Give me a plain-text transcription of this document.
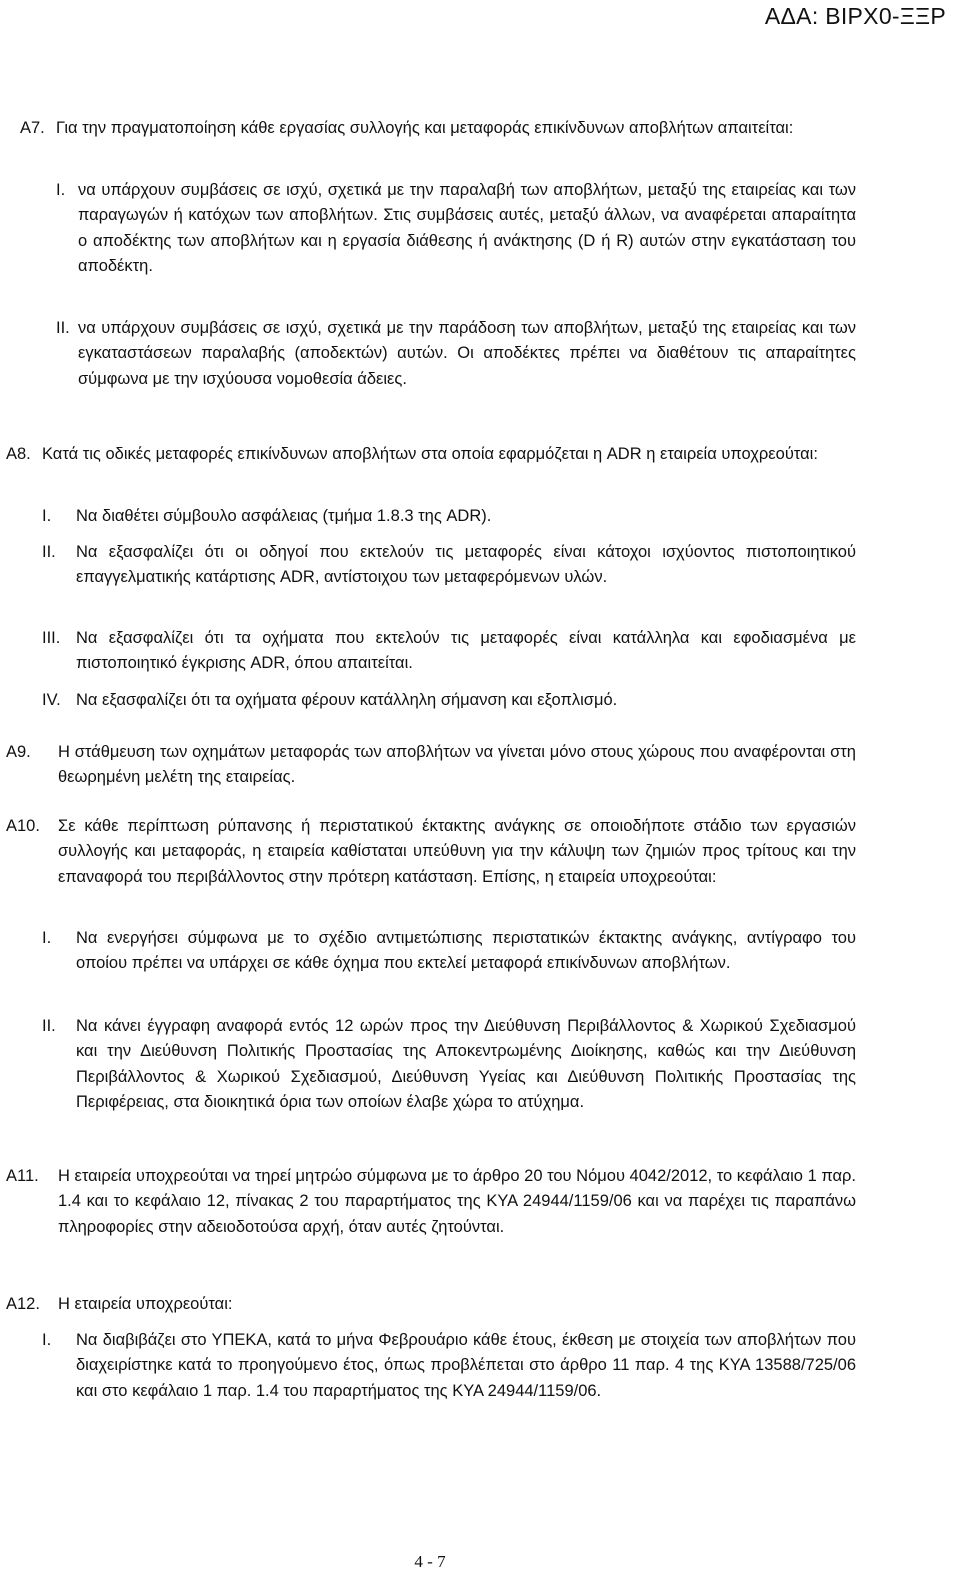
ΑΔΑ: ΒΙΡΧ0-ΞΞΡ
Α7. Για την πραγματοποίηση κάθε εργασίας συλλογής και μεταφοράς επικίνδυνων αποβλήτων απαιτείται:

I. να υπάρχουν συμβάσεις σε ισχύ, σχετικά με την παραλαβή των αποβλήτων, μεταξύ της εταιρείας και των παραγωγών ή κατόχων των αποβλήτων. Στις συμβάσεις αυτές, μεταξύ άλλων, να αναφέρεται απαραίτητα ο αποδέκτης των αποβλήτων και η εργασία διάθεσης ή ανάκτησης (D ή R) αυτών στην εγκατάσταση του αποδέκτη.

II. να υπάρχουν συμβάσεις σε ισχύ, σχετικά με την παράδοση των αποβλήτων, μεταξύ της εταιρείας και των εγκαταστάσεων παραλαβής (αποδεκτών) αυτών. Οι αποδέκτες πρέπει να διαθέτουν τις απαραίτητες σύμφωνα με την ισχύουσα νομοθεσία άδειες.

Α8. Κατά τις οδικές μεταφορές επικίνδυνων αποβλήτων στα οποία εφαρμόζεται η ADR η εταιρεία υποχρεούται:

I. Να διαθέτει σύμβουλο ασφάλειας (τμήμα 1.8.3 της ADR).

II. Να εξασφαλίζει ότι οι οδηγοί που εκτελούν τις μεταφορές είναι κάτοχοι ισχύοντος πιστοποιητικού επαγγελματικής κατάρτισης ADR, αντίστοιχου των μεταφερόμενων υλών.

III. Να εξασφαλίζει ότι τα οχήματα που εκτελούν τις μεταφορές είναι κατάλληλα και εφοδιασμένα με πιστοποιητικό έγκρισης ADR, όπου απαιτείται.

IV. Να εξασφαλίζει ότι τα οχήματα φέρουν κατάλληλη σήμανση και εξοπλισμό.

Α9. Η στάθμευση των οχημάτων μεταφοράς των αποβλήτων να γίνεται μόνο στους χώρους που αναφέρονται στη θεωρημένη μελέτη της εταιρείας.

Α10. Σε κάθε περίπτωση ρύπανσης ή περιστατικού έκτακτης ανάγκης σε οποιοδήποτε στάδιο των εργασιών συλλογής και μεταφοράς, η εταιρεία καθίσταται υπεύθυνη για την κάλυψη των ζημιών προς τρίτους και την επαναφορά του περιβάλλοντος στην πρότερη κατάσταση. Επίσης, η εταιρεία υποχρεούται:

I. Να ενεργήσει σύμφωνα με το σχέδιο αντιμετώπισης περιστατικών έκτακτης ανάγκης, αντίγραφο του οποίου πρέπει να υπάρχει σε κάθε όχημα που εκτελεί μεταφορά επικίνδυνων αποβλήτων.

II. Να κάνει έγγραφη αναφορά εντός 12 ωρών προς την Διεύθυνση Περιβάλλοντος & Χωρικού Σχεδιασμού και την Διεύθυνση Πολιτικής Προστασίας της Αποκεντρωμένης Διοίκησης, καθώς και την Διεύθυνση Περιβάλλοντος & Χωρικού Σχεδιασμού, Διεύθυνση Υγείας και Διεύθυνση Πολιτικής Προστασίας της Περιφέρειας, στα διοικητικά όρια των οποίων έλαβε χώρα το ατύχημα.

Α11. Η εταιρεία υποχρεούται να τηρεί μητρώο σύμφωνα με το άρθρο 20 του Νόμου 4042/2012, το κεφάλαιο 1 παρ. 1.4 και το κεφάλαιο 12, πίνακας 2 του παραρτήματος της ΚΥΑ 24944/1159/06 και να παρέχει τις παραπάνω πληροφορίες στην αδειοδοτούσα αρχή, όταν αυτές ζητούνται.

Α12. Η εταιρεία υποχρεούται:

I. Να διαβιβάζει στο ΥΠΕΚΑ, κατά το μήνα Φεβρουάριο κάθε έτους, έκθεση με στοιχεία των αποβλήτων που διαχειρίστηκε κατά το προηγούμενο έτος, όπως προβλέπεται στο άρθρο 11 παρ. 4 της ΚΥΑ 13588/725/06 και στο κεφάλαιο 1 παρ. 1.4 του παραρτήματος της ΚΥΑ 24944/1159/06.

4 - 7
